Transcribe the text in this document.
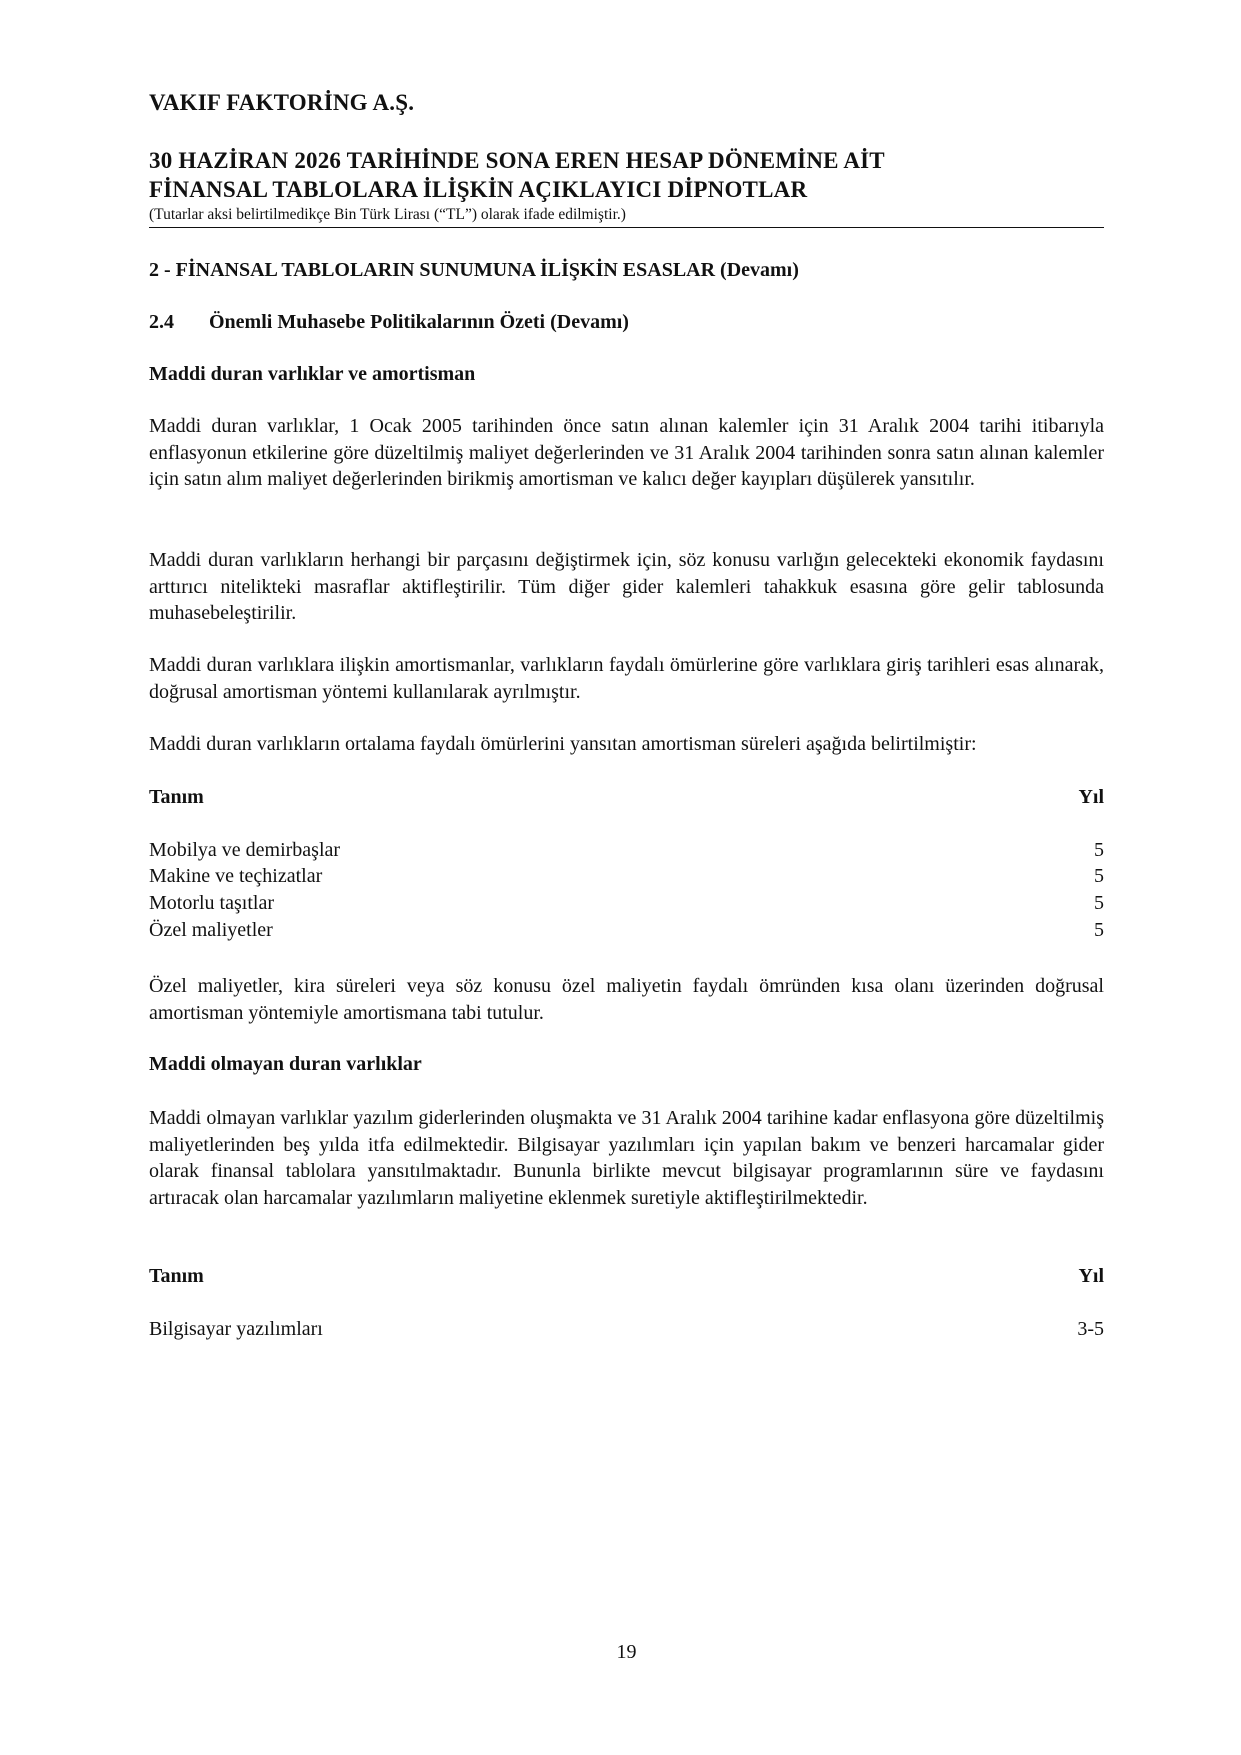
VAKIF FAKTORİNG A.Ş.
30 HAZİRAN 2026 TARİHİNDE SONA EREN HESAP DÖNEMİNE AİT
FİNANSAL TABLOLARA İLİŞKİN AÇIKLAYICI DİPNOTLAR
(Tutarlar aksi belirtilmedikçe Bin Türk Lirası (“TL”) olarak ifade edilmiştir.)
2 - FİNANSAL TABLOLARIN SUNUMUNA İLİŞKİN ESASLAR (Devamı)
2.4 Önemli Muhasebe Politikalarının Özeti (Devamı)
Maddi duran varlıklar ve amortisman
Maddi duran varlıklar, 1 Ocak 2005 tarihinden önce satın alınan kalemler için 31 Aralık 2004 tarihi itibarıyla enflasyonun etkilerine göre düzeltilmiş maliyet değerlerinden ve 31 Aralık 2004 tarihinden sonra satın alınan kalemler için satın alım maliyet değerlerinden birikmiş amortisman ve kalıcı değer kayıpları düşülerek yansıtılır.
Maddi duran varlıkların herhangi bir parçasını değiştirmek için, söz konusu varlığın gelecekteki ekonomik faydasını arttırıcı nitelikteki masraflar aktifleştirilir. Tüm diğer gider kalemleri tahakkuk esasına göre gelir tablosunda muhasebeleştirilir.
Maddi duran varlıklara ilişkin amortismanlar, varlıkların faydalı ömürlerine göre varlıklara giriş tarihleri esas alınarak, doğrusal amortisman yöntemi kullanılarak ayrılmıştır.
Maddi duran varlıkların ortalama faydalı ömürlerini yansıtan amortisman süreleri aşağıda belirtilmiştir:
Tanım	Yıl
Mobilya ve demirbaşlar	5
Makine ve teçhizatlar	5
Motorlu taşıtlar	5
Özel maliyetler	5
Özel maliyetler, kira süreleri veya söz konusu özel maliyetin faydalı ömründen kısa olanı üzerinden doğrusal amortisman yöntemiyle amortismana tabi tutulur.
Maddi olmayan duran varlıklar
Maddi olmayan varlıklar yazılım giderlerinden oluşmakta ve 31 Aralık 2004 tarihine kadar enflasyona göre düzeltilmiş maliyetlerinden beş yılda itfa edilmektedir. Bilgisayar yazılımları için yapılan bakım ve benzeri harcamalar gider olarak finansal tablolara yansıtılmaktadır. Bununla birlikte mevcut bilgisayar programlarının süre ve faydasını artıracak olan harcamalar yazılımların maliyetine eklenmek suretiyle aktifleştirilmektedir.
Tanım	Yıl
Bilgisayar yazılımları	3-5
19
